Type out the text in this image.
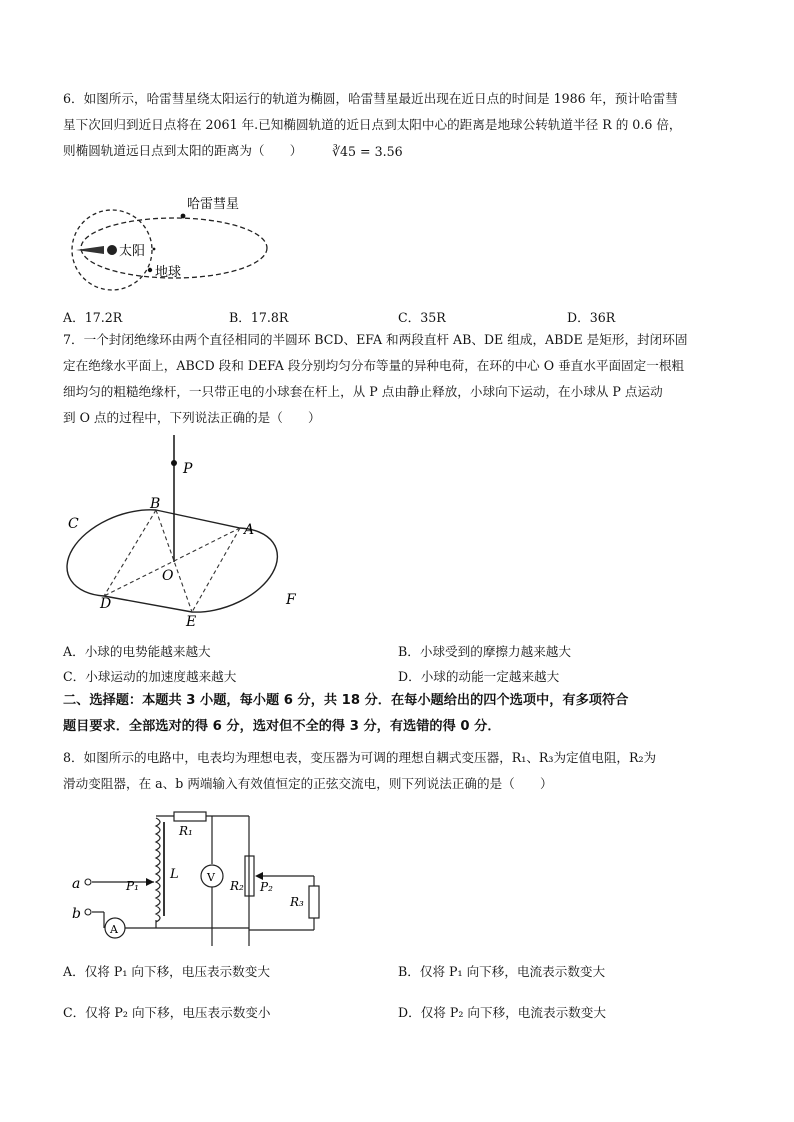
6．如图所示，哈雷彗星绕太阳运行的轨道为椭圆，哈雷彗星最近出现在近日点的时间是 1986 年，预计哈雷彗
星下次回归到近日点将在 2061 年.已知椭圆轨道的近日点到太阳中心的距离是地球公转轨道半径 R 的 0.6 倍，
则椭圆轨道远日点到太阳的距离为（　　） ∛45 = 3.56
哈雷彗星
太阳
地球
A．17.2R	B．17.8R	C．35R	D．36R
7．一个封闭绝缘环由两个直径相同的半圆环 BCD、EFA 和两段直杆 AB、DE 组成，ABDE 是矩形，封闭环固
定在绝缘水平面上，ABCD 段和 DEFA 段分别均匀分布等量的异种电荷，在环的中心 O 垂直水平面固定一根粗
细均匀的粗糙绝缘杆，一只带正电的小球套在杆上，从 P 点由静止释放，小球向下运动，在小球从 P 点运动
到 O 点的过程中，下列说法正确的是（　　）
P
B
A
C
O
D
E
F
A．小球的电势能越来越大	B．小球受到的摩擦力越来越大
C．小球运动的加速度越来越大	D．小球的动能一定越来越大
二、选择题：本题共 3 小题，每小题 6 分，共 18 分．在每小题给出的四个选项中，有多项符合
题目要求．全部选对的得 6 分，选对但不全的得 3 分，有选错的得 0 分．
8．如图所示的电路中，电表均为理想电表，变压器为可调的理想自耦式变压器，R₁、R₃为定值电阻，R₂为
滑动变阻器，在 a、b 两端输入有效值恒定的正弦交流电，则下列说法正确的是（　　）
a
b
A
V
L
P₁	P₂
R₁
R₂
R₃
A．仅将 P₁ 向下移，电压表示数变大	B．仅将 P₁ 向下移，电流表示数变大
C．仅将 P₂ 向下移，电压表示数变小	D．仅将 P₂ 向下移，电流表示数变大
